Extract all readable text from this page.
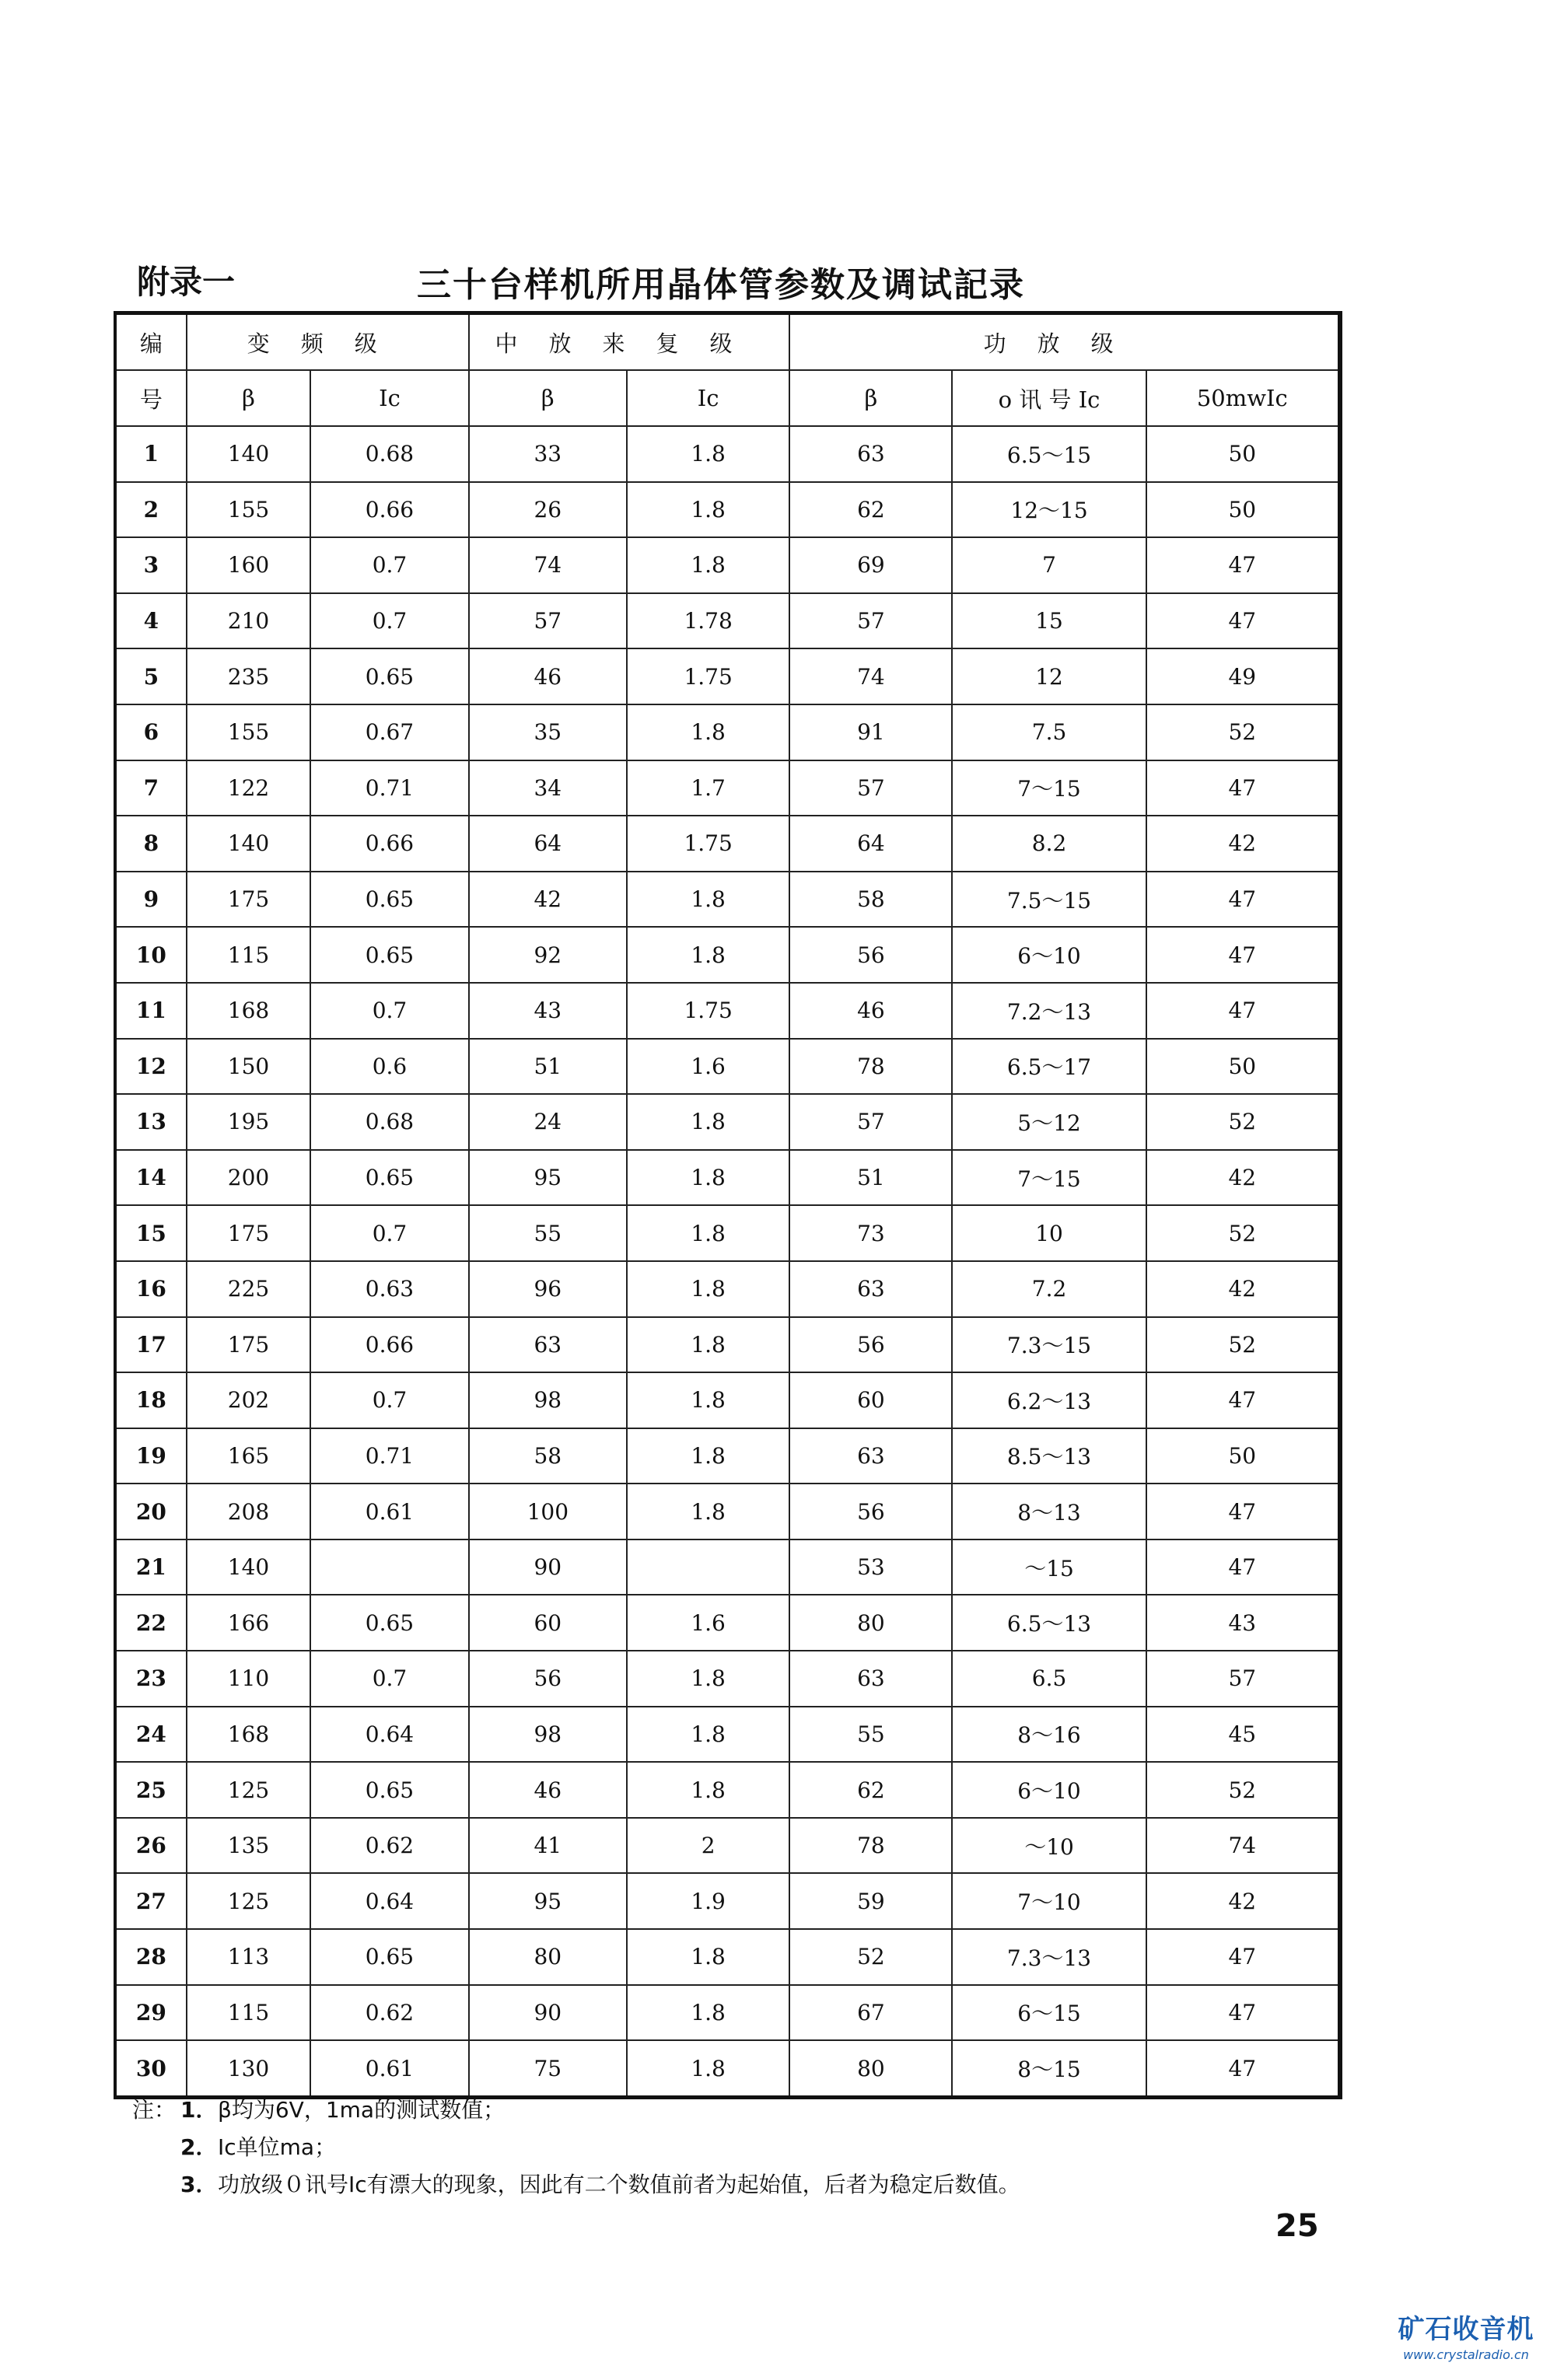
附录一	三十台样机所用晶体管参数及调试記录
编	变频级		中放来复级		功放级		
号	β	Ic	β	Ic	β	o 讯 号 Ic	50mwIc
1	140	0.68	33	1.8	63	6.5～15	50
2	155	0.66	26	1.8	62	12～15	50
3	160	0.7	74	1.8	69	7	47
4	210	0.7	57	1.78	57	15	47
5	235	0.65	46	1.75	74	12	49
6	155	0.67	35	1.8	91	7.5	52
7	122	0.71	34	1.7	57	7～15	47
8	140	0.66	64	1.75	64	8.2	42
9	175	0.65	42	1.8	58	7.5～15	47
10	115	0.65	92	1.8	56	6～10	47
11	168	0.7	43	1.75	46	7.2～13	47
12	150	0.6	51	1.6	78	6.5～17	50
13	195	0.68	24	1.8	57	5～12	52
14	200	0.65	95	1.8	51	7～15	42
15	175	0.7	55	1.8	73	10	52
16	225	0.63	96	1.8	63	7.2	42
17	175	0.66	63	1.8	56	7.3～15	52
18	202	0.7	98	1.8	60	6.2～13	47
19	165	0.71	58	1.8	63	8.5～13	50
20	208	0.61	100	1.8	56	8～13	47
21	140		90		53	～15	47
22	166	0.65	60	1.6	80	6.5～13	43
23	110	0.7	56	1.8	63	6.5	57
24	168	0.64	98	1.8	55	8～16	45
25	125	0.65	46	1.8	62	6～10	52
26	135	0.62	41	2	78	～10	74
27	125	0.64	95	1.9	59	7～10	42
28	113	0.65	80	1.8	52	7.3～13	47
29	115	0.62	90	1.8	67	6～15	47
30	130	0.61	75	1.8	80	8～15	47
注： 1．β均为6V，1ma的测试数值；
2．Ic单位ma；
3．功放级０讯号Ic有漂大的现象，因此有二个数值前者为起始值，后者为稳定后数值。
25
矿石收音机
www.crystalradio.cn
